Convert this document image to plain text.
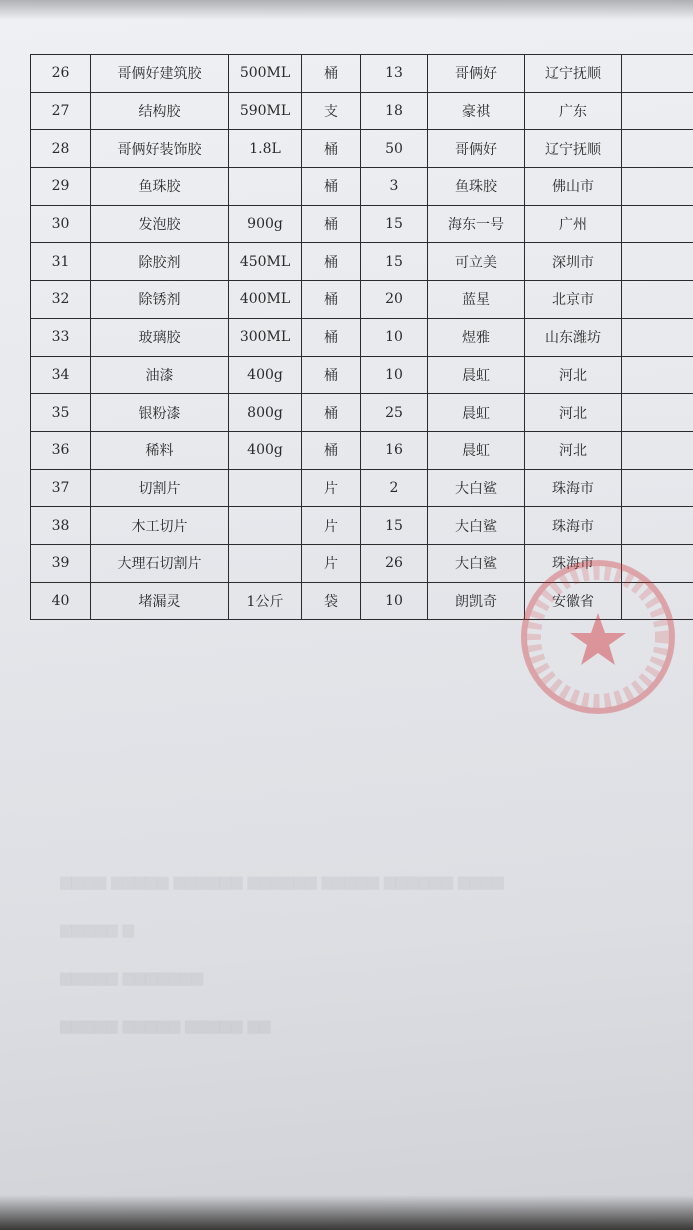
26	哥俩好建筑胶	500ML	桶	13	哥俩好	辽宁抚顺	
27	结构胶	590ML	支	18	豪祺	广东	
28	哥俩好装饰胶	1.8L	桶	50	哥俩好	辽宁抚顺	
29	鱼珠胶		桶	3	鱼珠胶	佛山市	
30	发泡胶	900g	桶	15	海东一号	广州	
31	除胶剂	450ML	桶	15	可立美	深圳市	
32	除锈剂	400ML	桶	20	蓝星	北京市	
33	玻璃胶	300ML	桶	10	煜雅	山东潍坊	
34	油漆	400g	桶	10	晨虹	河北	
35	银粉漆	800g	桶	25	晨虹	河北	
36	稀料	400g	桶	16	晨虹	河北	
37	切割片		片	2	大白鲨	珠海市	
38	木工切片		片	15	大白鲨	珠海市	
39	大理石切割片		片	26	大白鲨	珠海市	
40	堵漏灵	1公斤	袋	10	朗凯奇	安徽省	
▆▆▆▆ ▆▆▆▆▆ ▆▆▆▆▆▆ ▆▆▆▆▆▆ ▆▆▆▆▆ ▆▆▆▆▆▆ ▆▆▆▆
▆▆▆▆▆ ▆
▆▆▆▆▆ ▆▆▆▆▆▆▆
▆▆▆▆▆ ▆▆▆▆▆ ▆▆▆▆▆ ▆▆
